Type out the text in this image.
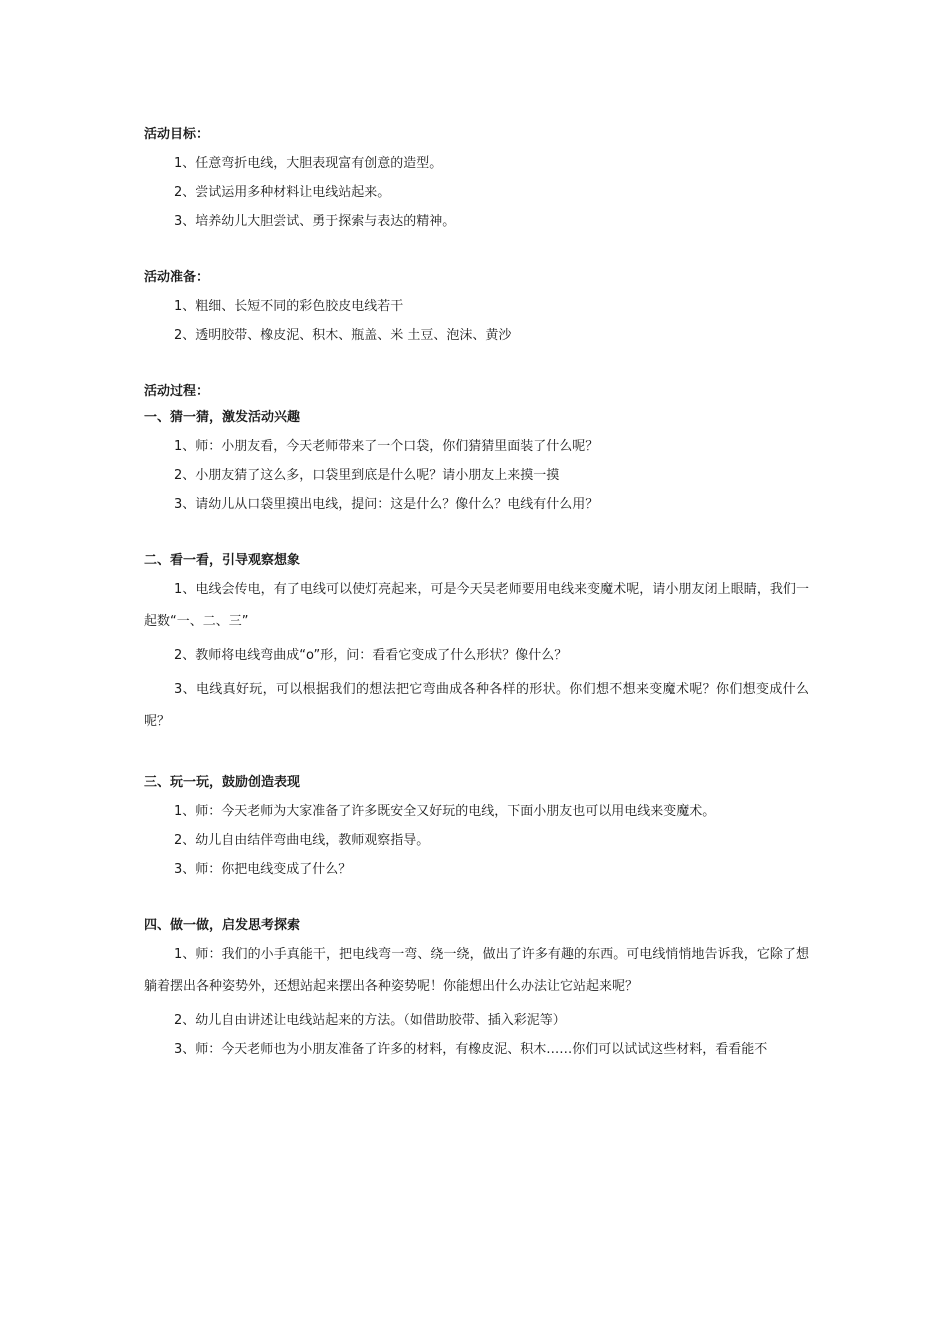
活动目标：

1、任意弯折电线，大胆表现富有创意的造型。

2、尝试运用多种材料让电线站起来。

3、培养幼儿大胆尝试、勇于探索与表达的精神。

活动准备：

1、粗细、长短不同的彩色胶皮电线若干

2、透明胶带、橡皮泥、积木、瓶盖、米 土豆、泡沫、黄沙

活动过程：

一、猜一猜，激发活动兴趣

1、师：小朋友看，今天老师带来了一个口袋，你们猜猜里面装了什么呢？

2、小朋友猜了这么多，口袋里到底是什么呢？请小朋友上来摸一摸

3、请幼儿从口袋里摸出电线，提问：这是什么？像什么？电线有什么用？

二、看一看，引导观察想象

1、电线会传电，有了电线可以使灯亮起来，可是今天吴老师要用电线来变魔术呢，请小朋友闭上眼睛，我们一起数“一、二、三”

2、教师将电线弯曲成“o”形，问：看看它变成了什么形状？像什么？

3、电线真好玩，可以根据我们的想法把它弯曲成各种各样的形状。你们想不想来变魔术呢？你们想变成什么呢？

三、玩一玩，鼓励创造表现

1、师：今天老师为大家准备了许多既安全又好玩的电线，下面小朋友也可以用电线来变魔术。

2、幼儿自由结伴弯曲电线，教师观察指导。

3、师：你把电线变成了什么？

四、做一做，启发思考探索

1、师：我们的小手真能干，把电线弯一弯、绕一绕，做出了许多有趣的东西。可电线悄悄地告诉我，它除了想躺着摆出各种姿势外，还想站起来摆出各种姿势呢！你能想出什么办法让它站起来呢？

2、幼儿自由讲述让电线站起来的方法。（如借助胶带、插入彩泥等）

3、师：今天老师也为小朋友准备了许多的材料，有橡皮泥、积木……你们可以试试这些材料，看看能不
